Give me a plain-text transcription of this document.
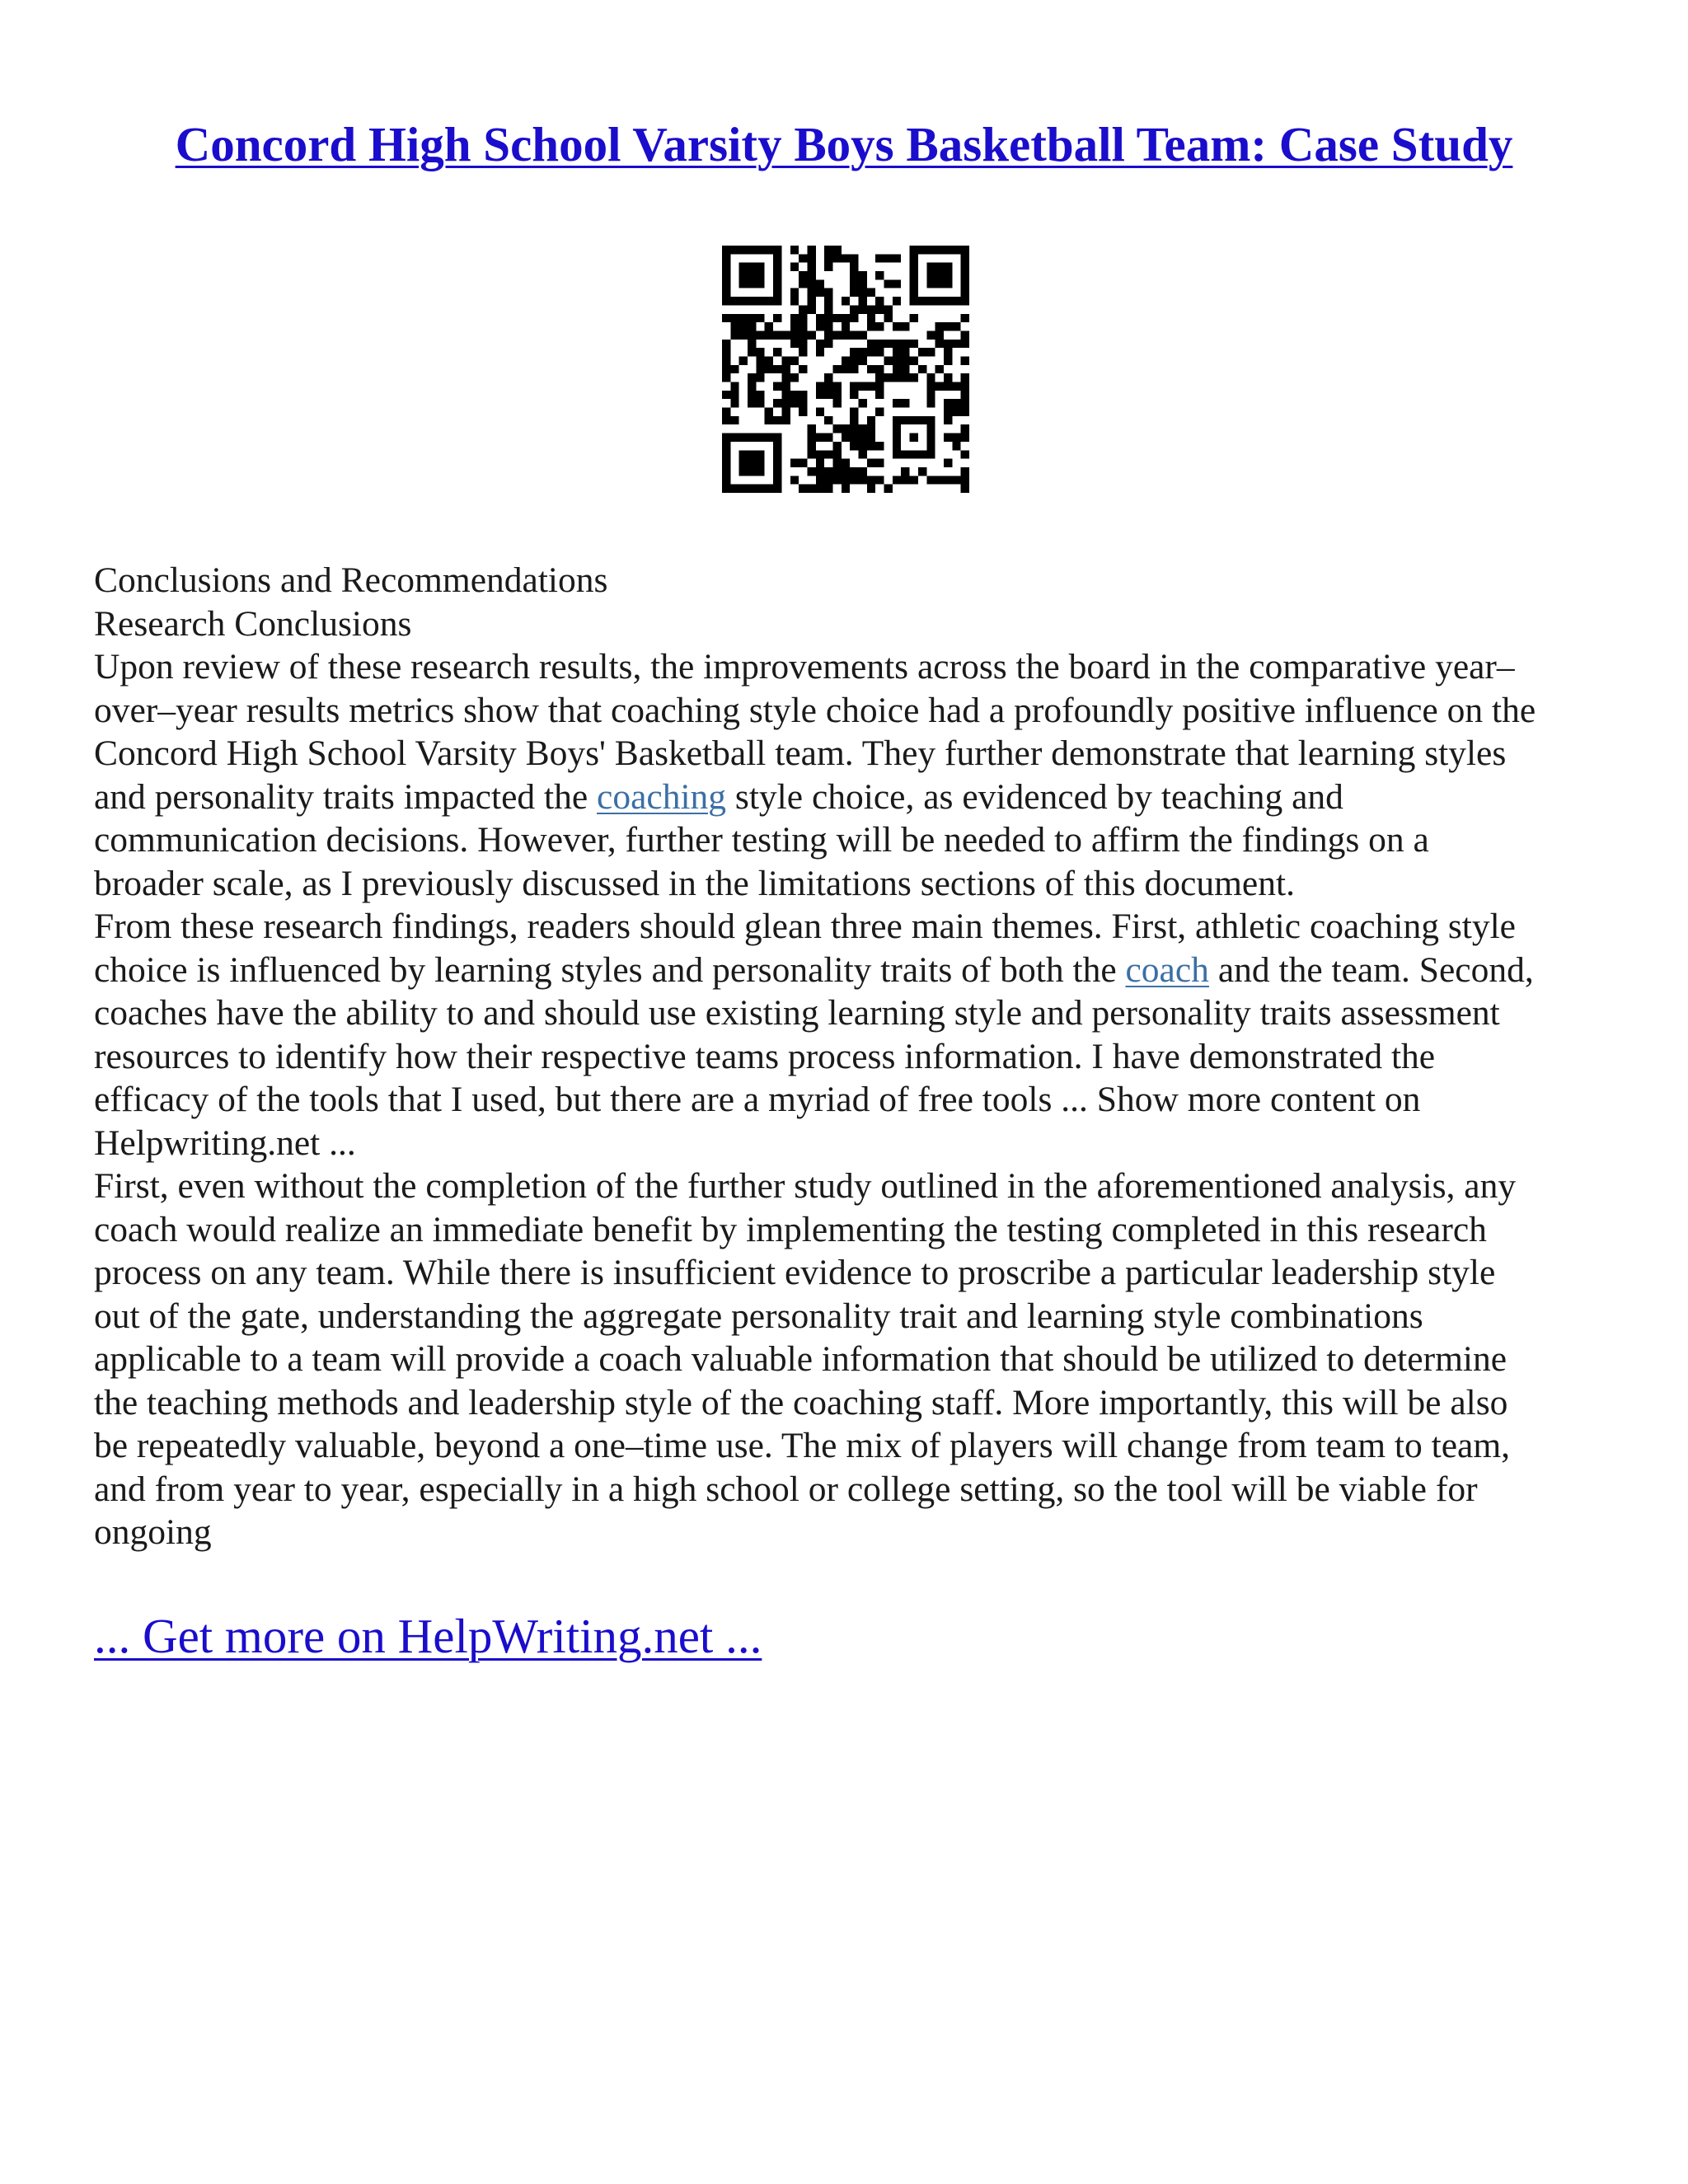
Concord High School Varsity Boys Basketball Team: Case Study
Conclusions and Recommendations
Research Conclusions
Upon review of these research results, the improvements across the board in the comparative year–
over–year results metrics show that coaching style choice had a profoundly positive influence on the
Concord High School Varsity Boys' Basketball team. They further demonstrate that learning styles
and personality traits impacted the coaching style choice, as evidenced by teaching and
communication decisions. However, further testing will be needed to affirm the findings on a
broader scale, as I previously discussed in the limitations sections of this document.
From these research findings, readers should glean three main themes. First, athletic coaching style
choice is influenced by learning styles and personality traits of both the coach and the team. Second,
coaches have the ability to and should use existing learning style and personality traits assessment
resources to identify how their respective teams process information. I have demonstrated the
efficacy of the tools that I used, but there are a myriad of free tools ... Show more content on
Helpwriting.net ...
First, even without the completion of the further study outlined in the aforementioned analysis, any
coach would realize an immediate benefit by implementing the testing completed in this research
process on any team. While there is insufficient evidence to proscribe a particular leadership style
out of the gate, understanding the aggregate personality trait and learning style combinations
applicable to a team will provide a coach valuable information that should be utilized to determine
the teaching methods and leadership style of the coaching staff. More importantly, this will be also
be repeatedly valuable, beyond a one–time use. The mix of players will change from team to team,
and from year to year, especially in a high school or college setting, so the tool will be viable for
ongoing
... Get more on HelpWriting.net ...
